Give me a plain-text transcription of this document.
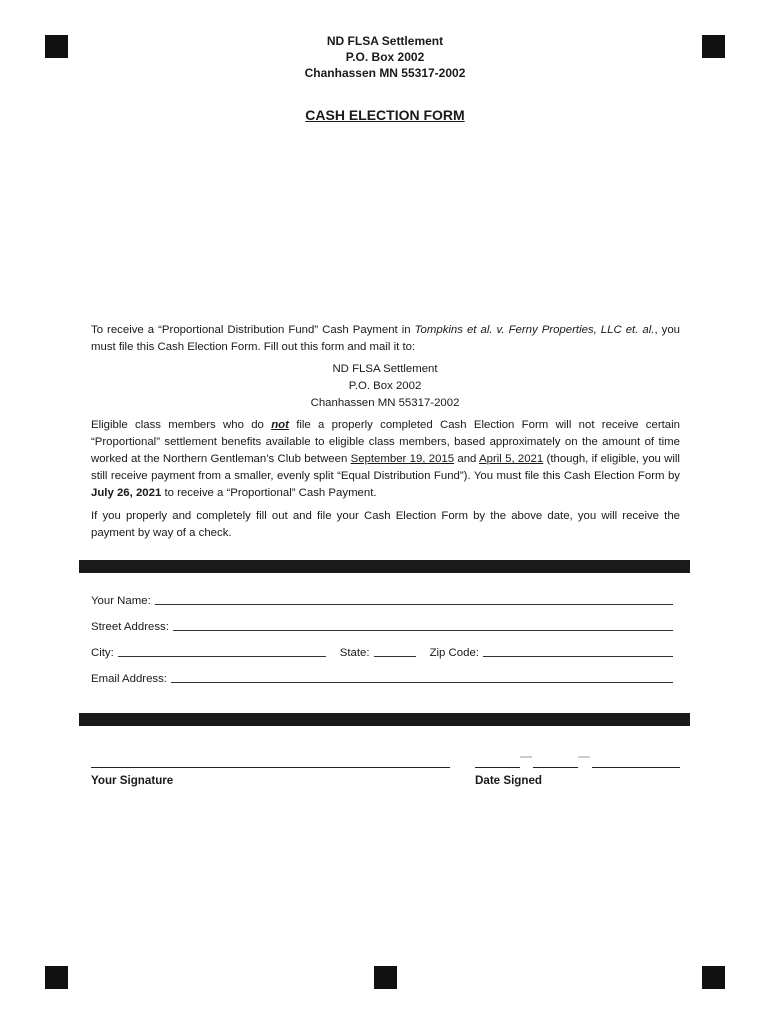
ND FLSA Settlement
P.O. Box 2002
Chanhassen MN 55317-2002
CASH ELECTION FORM
To receive a “Proportional Distribution Fund” Cash Payment in Tompkins et al. v. Ferny Properties, LLC et. al., you must file this Cash Election Form. Fill out this form and mail it to:
ND FLSA Settlement
P.O. Box 2002
Chanhassen MN 55317-2002
Eligible class members who do not file a properly completed Cash Election Form will not receive certain “Proportional” settlement benefits available to eligible class members, based approximately on the amount of time worked at the Northern Gentleman’s Club between September 19, 2015 and April 5, 2021 (though, if eligible, you will still receive payment from a smaller, evenly split “Equal Distribution Fund”). You must file this Cash Election Form by July 26, 2021 to receive a “Proportional” Cash Payment.
If you properly and completely fill out and file your Cash Election Form by the above date, you will receive the payment by way of a check.
Your Name:
Street Address:
City:	State:	Zip Code:
Email Address:
Your Signature	Date Signed
